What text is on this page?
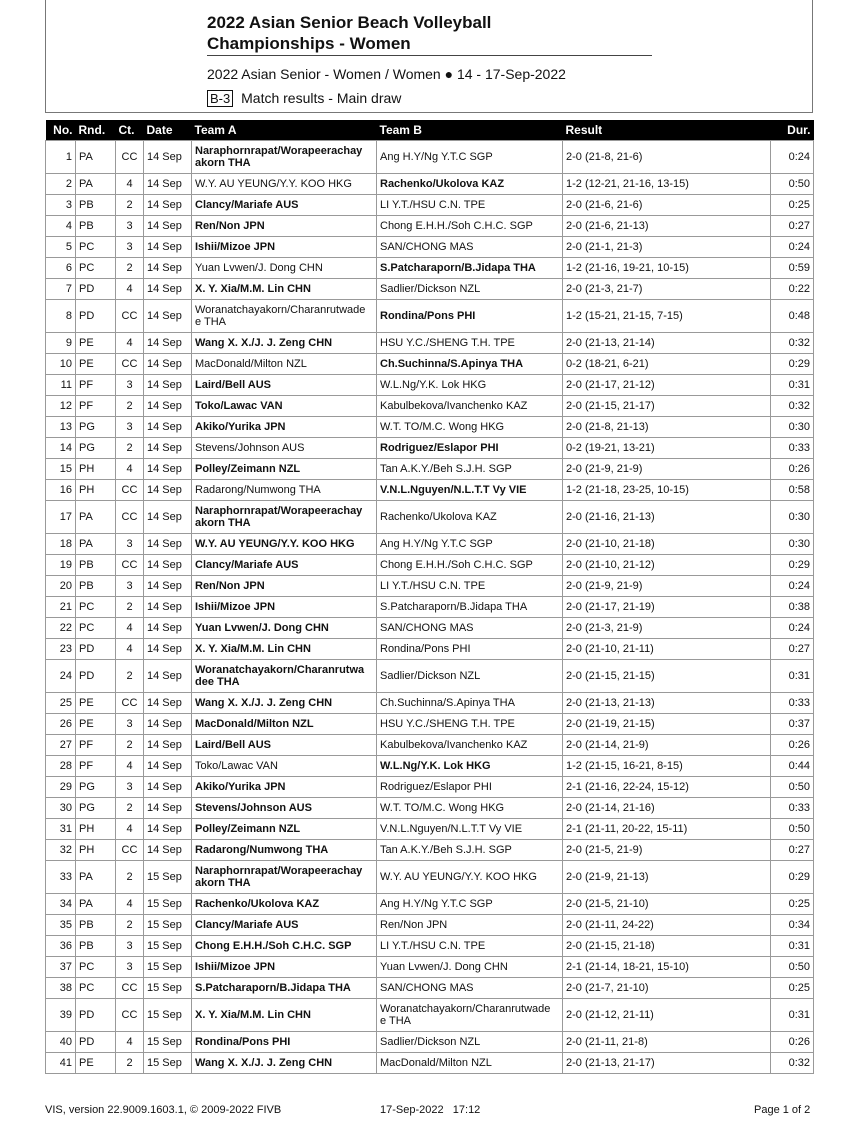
2022 Asian Senior Beach Volleyball
Championships - Women
2022 Asian Senior - Women / Women ● 14 - 17-Sep-2022
B-3 Match results - Main draw
No.	Rnd.	Ct.	Date	Team A	Team B	Result	Dur.
1	PA	CC	14 Sep	Naraphornrapat/Worapeerachay akorn THA	Ang H.Y/Ng Y.T.C SGP	2-0 (21-8, 21-6)	0:24
2	PA	4	14 Sep	W.Y. AU YEUNG/Y.Y. KOO HKG	Rachenko/Ukolova KAZ	1-2 (12-21, 21-16, 13-15)	0:50
3	PB	2	14 Sep	Clancy/Mariafe AUS	LI Y.T./HSU C.N. TPE	2-0 (21-6, 21-6)	0:25
4	PB	3	14 Sep	Ren/Non JPN	Chong E.H.H./Soh C.H.C. SGP	2-0 (21-6, 21-13)	0:27
5	PC	3	14 Sep	Ishii/Mizoe JPN	SAN/CHONG MAS	2-0 (21-1, 21-3)	0:24
6	PC	2	14 Sep	Yuan Lvwen/J. Dong CHN	S.Patcharaporn/B.Jidapa THA	1-2 (21-16, 19-21, 10-15)	0:59
7	PD	4	14 Sep	X. Y. Xia/M.M. Lin CHN	Sadlier/Dickson NZL	2-0 (21-3, 21-7)	0:22
8	PD	CC	14 Sep	Woranatchayakorn/Charanrutwade e THA	Rondina/Pons PHI	1-2 (15-21, 21-15, 7-15)	0:48
9	PE	4	14 Sep	Wang X. X./J. J. Zeng CHN	HSU Y.C./SHENG T.H. TPE	2-0 (21-13, 21-14)	0:32
10	PE	CC	14 Sep	MacDonald/Milton NZL	Ch.Suchinna/S.Apinya THA	0-2 (18-21, 6-21)	0:29
11	PF	3	14 Sep	Laird/Bell AUS	W.L.Ng/Y.K. Lok HKG	2-0 (21-17, 21-12)	0:31
12	PF	2	14 Sep	Toko/Lawac VAN	Kabulbekova/Ivanchenko KAZ	2-0 (21-15, 21-17)	0:32
13	PG	3	14 Sep	Akiko/Yurika JPN	W.T. TO/M.C. Wong HKG	2-0 (21-8, 21-13)	0:30
14	PG	2	14 Sep	Stevens/Johnson AUS	Rodriguez/Eslapor PHI	0-2 (19-21, 13-21)	0:33
15	PH	4	14 Sep	Polley/Zeimann NZL	Tan A.K.Y./Beh S.J.H. SGP	2-0 (21-9, 21-9)	0:26
16	PH	CC	14 Sep	Radarong/Numwong THA	V.N.L.Nguyen/N.L.T.T Vy VIE	1-2 (21-18, 23-25, 10-15)	0:58
17	PA	CC	14 Sep	Naraphornrapat/Worapeerachay akorn THA	Rachenko/Ukolova KAZ	2-0 (21-16, 21-13)	0:30
18	PA	3	14 Sep	W.Y. AU YEUNG/Y.Y. KOO HKG	Ang H.Y/Ng Y.T.C SGP	2-0 (21-10, 21-18)	0:30
19	PB	CC	14 Sep	Clancy/Mariafe AUS	Chong E.H.H./Soh C.H.C. SGP	2-0 (21-10, 21-12)	0:29
20	PB	3	14 Sep	Ren/Non JPN	LI Y.T./HSU C.N. TPE	2-0 (21-9, 21-9)	0:24
21	PC	2	14 Sep	Ishii/Mizoe JPN	S.Patcharaporn/B.Jidapa THA	2-0 (21-17, 21-19)	0:38
22	PC	4	14 Sep	Yuan Lvwen/J. Dong CHN	SAN/CHONG MAS	2-0 (21-3, 21-9)	0:24
23	PD	4	14 Sep	X. Y. Xia/M.M. Lin CHN	Rondina/Pons PHI	2-0 (21-10, 21-11)	0:27
24	PD	2	14 Sep	Woranatchayakorn/Charanrutwa dee THA	Sadlier/Dickson NZL	2-0 (21-15, 21-15)	0:31
25	PE	CC	14 Sep	Wang X. X./J. J. Zeng CHN	Ch.Suchinna/S.Apinya THA	2-0 (21-13, 21-13)	0:33
26	PE	3	14 Sep	MacDonald/Milton NZL	HSU Y.C./SHENG T.H. TPE	2-0 (21-19, 21-15)	0:37
27	PF	2	14 Sep	Laird/Bell AUS	Kabulbekova/Ivanchenko KAZ	2-0 (21-14, 21-9)	0:26
28	PF	4	14 Sep	Toko/Lawac VAN	W.L.Ng/Y.K. Lok HKG	1-2 (21-15, 16-21, 8-15)	0:44
29	PG	3	14 Sep	Akiko/Yurika JPN	Rodriguez/Eslapor PHI	2-1 (21-16, 22-24, 15-12)	0:50
30	PG	2	14 Sep	Stevens/Johnson AUS	W.T. TO/M.C. Wong HKG	2-0 (21-14, 21-16)	0:33
31	PH	4	14 Sep	Polley/Zeimann NZL	V.N.L.Nguyen/N.L.T.T Vy VIE	2-1 (21-11, 20-22, 15-11)	0:50
32	PH	CC	14 Sep	Radarong/Numwong THA	Tan A.K.Y./Beh S.J.H. SGP	2-0 (21-5, 21-9)	0:27
33	PA	2	15 Sep	Naraphornrapat/Worapeerachay akorn THA	W.Y. AU YEUNG/Y.Y. KOO HKG	2-0 (21-9, 21-13)	0:29
34	PA	4	15 Sep	Rachenko/Ukolova KAZ	Ang H.Y/Ng Y.T.C SGP	2-0 (21-5, 21-10)	0:25
35	PB	2	15 Sep	Clancy/Mariafe AUS	Ren/Non JPN	2-0 (21-11, 24-22)	0:34
36	PB	3	15 Sep	Chong E.H.H./Soh C.H.C. SGP	LI Y.T./HSU C.N. TPE	2-0 (21-15, 21-18)	0:31
37	PC	3	15 Sep	Ishii/Mizoe JPN	Yuan Lvwen/J. Dong CHN	2-1 (21-14, 18-21, 15-10)	0:50
38	PC	CC	15 Sep	S.Patcharaporn/B.Jidapa THA	SAN/CHONG MAS	2-0 (21-7, 21-10)	0:25
39	PD	CC	15 Sep	X. Y. Xia/M.M. Lin CHN	Woranatchayakorn/Charanrutwade e THA	2-0 (21-12, 21-11)	0:31
40	PD	4	15 Sep	Rondina/Pons PHI	Sadlier/Dickson NZL	2-0 (21-11, 21-8)	0:26
41	PE	2	15 Sep	Wang X. X./J. J. Zeng CHN	MacDonald/Milton NZL	2-0 (21-13, 21-17)	0:32
VIS, version 22.9009.1603.1, © 2009-2022 FIVB	17-Sep-2022   17:12	Page 1 of 2
